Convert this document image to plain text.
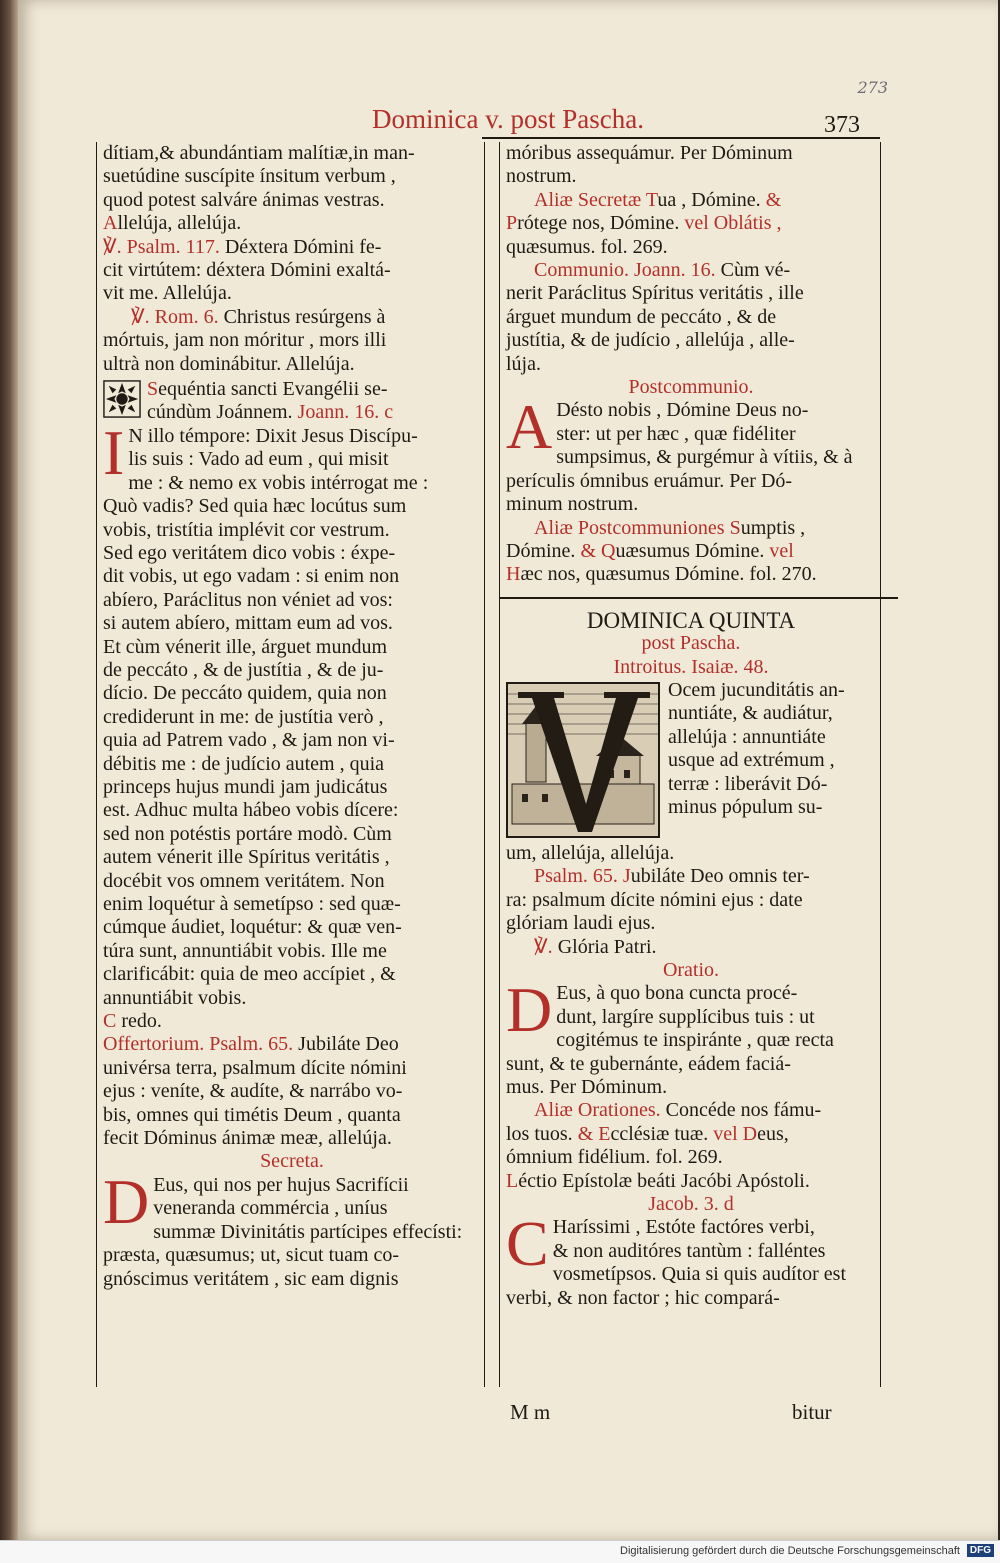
273
Dominica v. post Pascha.	373

dítiam,& abundántiam malítiæ,in man-

suetúdine suscípite ínsitum verbum ,

quod potest salváre ánimas vestras.

Allelúja, allelúja.

℣. Psalm. 117. Déxtera Dómini fe-

cit virtútem: déxtera Dómini exaltá-

vit me. Allelúja.

℣. Rom. 6. Christus resúrgens à

mórtuis, jam non móritur , mors illi

ultrà non dominábitur. Allelúja.

Sequéntia sancti Evangélii se-

cúndùm Joánnem. Joann. 16. c

I N illo témpore: Dixit Jesus Discípu-

lis suis : Vado ad eum , qui misit

me : & nemo ex vobis intérrogat me :

Quò vadis? Sed quia hæc locútus sum

vobis, tristítia implévit cor vestrum.

Sed ego veritátem dico vobis : éxpe-

dit vobis, ut ego vadam : si enim non

abíero, Paráclitus non véniet ad vos:

si autem abíero, mittam eum ad vos.

Et cùm vénerit ille, árguet mundum

de peccáto , & de justítia , & de ju-

dício. De peccáto quidem, quia non

crediderunt in me: de justítia verò ,

quia ad Patrem vado , & jam non vi-

débitis me : de judício autem , quia

princeps hujus mundi jam judicátus

est. Adhuc multa hábeo vobis dícere:

sed non potéstis portáre modò. Cùm

autem vénerit ille Spíritus veritátis ,

docébit vos omnem veritátem. Non

enim loquétur à semetípso : sed quæ-

cúmque áudiet, loquétur: & quæ ven-

túra sunt, annuntiábit vobis. Ille me

clarificábit: quia de meo accípiet , &

annuntiábit vobis.

C redo.

Offertorium. Psalm. 65. Jubiláte Deo

univérsa terra, psalmum dícite nómini

ejus : veníte, & audíte, & narrábo vo-

bis, omnes qui timétis Deum , quanta

fecit Dóminus ánimæ meæ, allelúja.

Secreta.

D Eus, qui nos per hujus Sacrifícii

veneranda commércia , uníus

summæ Divinitátis partícipes effecísti:

præsta, quæsumus; ut, sicut tuam co-

gnóscimus veritátem , sic eam dignis

móribus assequámur. Per Dóminum

nostrum.

Aliæ Secretæ Tua , Dómine. &

Prótege nos, Dómine. vel Oblátis ,

quæsumus. fol. 269.

Communio. Joann. 16. Cùm vé-

nerit Paráclitus Spíritus veritátis , ille

árguet mundum de peccáto , & de

justítia, & de judício , allelúja , alle-

lúja.

Postcommunio.

A Désto nobis , Dómine Deus no-

ster: ut per hæc , quæ fidéliter

sumpsimus, & purgémur à vítiis, & à

perículis ómnibus eruámur. Per Dó-

minum nostrum.

Aliæ Postcommuniones Sumptis ,

Dómine. & Quæsumus Dómine. vel

Hæc nos, quæsumus Dómine. fol. 270.

DOMINICA QUINTA

post Pascha.

Introitus. Isaiæ. 48.

Ocem jucunditátis an-

nuntiáte, & audiátur,

allelúja : annuntiáte

usque ad extrémum ,

terræ : liberávit Dó-

minus pópulum su-

um, allelúja, allelúja.

Psalm. 65. Jubiláte Deo omnis ter-

ra: psalmum dícite nómini ejus : date

glóriam laudi ejus.

℣. Glória Patri.

Oratio.

D Eus, à quo bona cuncta procé-

dunt, largíre supplícibus tuis : ut

cogitémus te inspiránte , quæ recta

sunt, & te gubernánte, eádem faciá-

mus. Per Dóminum.

Aliæ Orationes. Concéde nos fámu-

los tuos. & Ecclésiæ tuæ. vel Deus,

ómnium fidélium. fol. 269.

Léctio Epístolæ beáti Jacóbi Apóstoli.

Jacob. 3. d

C Haríssimi , Estóte factóres verbi,

& non auditóres tantùm : falléntes

vosmetípsos. Quia si quis audítor est

verbi, & non factor ; hic compará-

M m	bitur
Digitalisierung gefördert durch die Deutsche Forschungsgemeinschaft DFG
